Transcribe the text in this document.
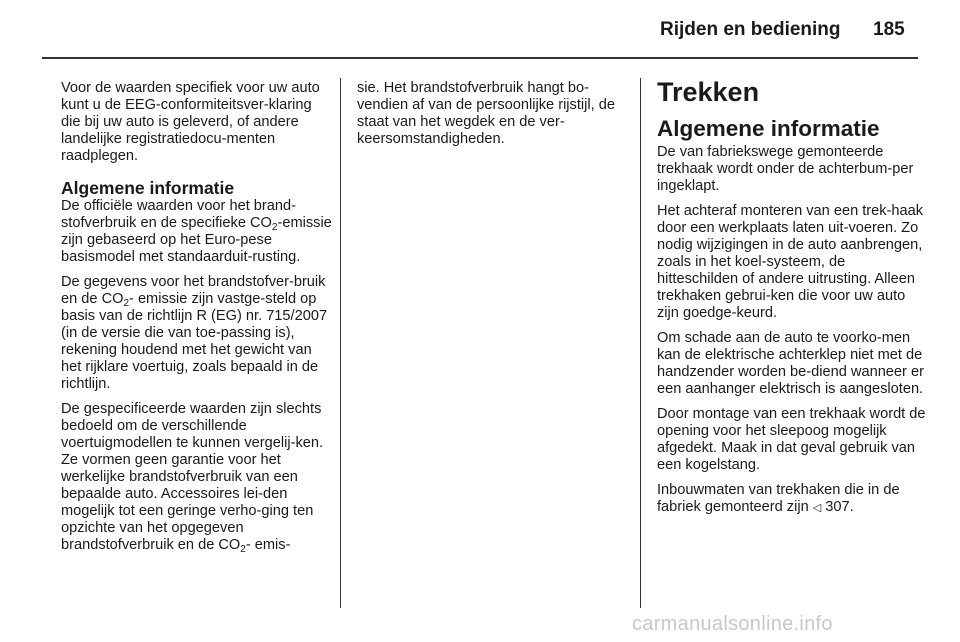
Rijden en bediening 185

Voor de waarden specifiek voor uw auto kunt u de EEG-conformiteitsver-klaring die bij uw auto is geleverd, of andere landelijke registratiedocu-menten raadplegen.

Algemene informatie

De officiële waarden voor het brand-stofverbruik en de specifieke $CO_2$-emissie zijn gebaseerd op het Euro-pese basismodel met standaarduit-rusting.

De gegevens voor het brandstofver-bruik en de $CO_2-$ emissie zijn vastge-steld op basis van de richtlijn R (EG) nr. 715/2007 (in de versie die van toe-passing is), rekening houdend met het gewicht van het rijklare voertuig, zoals bepaald in de richtlijn.

De gespecificeerde waarden zijn slechts bedoeld om de verschillende voertuigmodellen te kunnen vergelij-ken. Ze vormen geen garantie voor het werkelijke brandstofverbruik van een bepaalde auto. Accessoires lei-den mogelijk tot een geringe verho-ging ten opzichte van het opgegeven brandstofverbruik en de $CO_2-$ emis-

sie. Het brandstofverbruik hangt bo-vendien af van de persoonlijke rijstijl, de staat van het wegdek en de ver-keersomstandigheden.

Trekken
Algemene informatie

De van fabriekswege gemonteerde trekhaak wordt onder de achterbum-per ingeklapt.

Het achteraf monteren van een trek-haak door een werkplaats laten uit-voeren. Zo nodig wijzigingen in de auto aanbrengen, zoals in het koel-systeem, de hitteschilden of andere uitrusting. Alleen trekhaken gebrui-ken die voor uw auto zijn goedge-keurd.

Om schade aan de auto te voorko-men kan de elektrische achterklep niet met de handzender worden be-diend wanneer er een aanhanger elektrisch is aangesloten.

Door montage van een trekhaak wordt de opening voor het sleepoog mogelijk afgedekt. Maak in dat geval gebruik van een kogelstang.

Inbouwmaten van trekhaken die in de fabriek gemonteerd zijn ◁ 307.

carmanualsonline.info
